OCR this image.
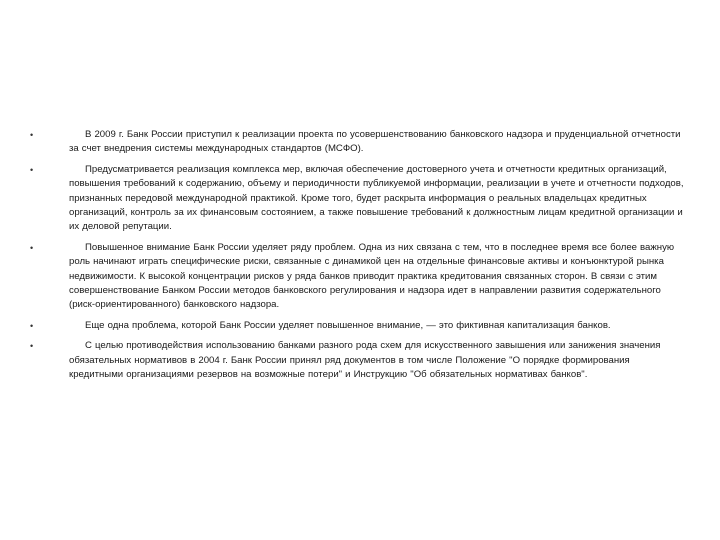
•	В 2009 г. Банк России приступил к реализации проекта по усовершенствованию банковского надзора и пруденциальной отчетности за счет внедрения системы международных стандартов (МСФО).
•	Предусматривается реализация комплекса мер, включая обеспечение достоверного учета и отчетности кредитных организаций, повышения требований к содержанию, объему и периодичности публикуемой информации, реализации в учете и отчетности подходов, признанных передовой международной практикой. Кроме того, будет раскрыта информация о реальных владельцах кредитных организаций, контроль за их финансовым состоянием, а также повышение требований к должностным лицам кредитной организации и их деловой репутации.
•	Повышенное внимание Банк России уделяет ряду проблем. Одна из них связана с тем, что в последнее время все более важную роль начинают играть специфические риски, связанные с динамикой цен на отдельные финансовые активы и конъюнктурой рынка недвижимости. К высокой концентрации рисков у ряда банков приводит практика кредитования связанных сторон. В связи с этим совершенствование Банком России методов банковского регулирования и надзора идет в направлении развития содержательного (риск-ориентированного) банковского надзора.
•	Еще одна проблема, которой Банк России уделяет повышенное внимание, — это фиктивная капитализация банков.
•	С целью противодействия использованию банками разного рода схем для искусственного завышения или занижения значения обязательных нормативов в 2004 г. Банк России принял ряд документов в том числе Положение "О порядке формирования кредитными организациями резервов на возможные потери" и Инструкцию "Об обязательных нормативах банков".
